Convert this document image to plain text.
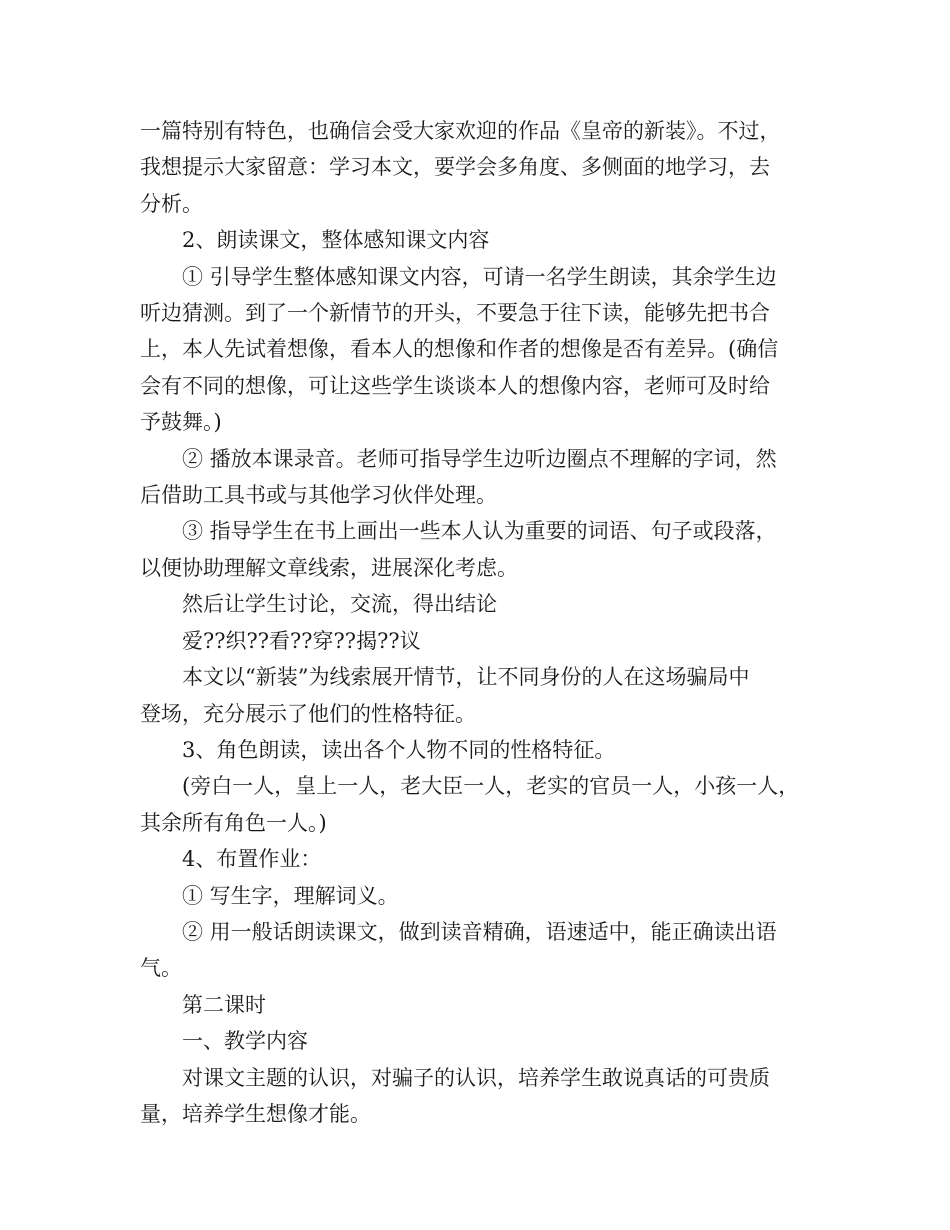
一篇特别有特色，也确信会受大家欢迎的作品《皇帝的新装》。不过，

我想提示大家留意：学习本文，要学会多角度、多侧面的地学习，去

分析。

2、朗读课文，整体感知课文内容

① 引导学生整体感知课文内容，可请一名学生朗读，其余学生边

听边猜测。到了一个新情节的开头，不要急于往下读，能够先把书合

上，本人先试着想像，看本人的想像和作者的想像是否有差异。(确信

会有不同的想像，可让这些学生谈谈本人的想像内容，老师可及时给

予鼓舞。)

② 播放本课录音。老师可指导学生边听边圈点不理解的字词，然

后借助工具书或与其他学习伙伴处理。

③ 指导学生在书上画出一些本人认为重要的词语、句子或段落，

以便协助理解文章线索，进展深化考虑。

然后让学生讨论，交流，得出结论

爱??织??看??穿??揭??议

本文以“新装”为线索展开情节，让不同身份的人在这场骗局中

登场，充分展示了他们的性格特征。

3、角色朗读，读出各个人物不同的性格特征。

(旁白一人，皇上一人，老大臣一人，老实的官员一人，小孩一人，

其余所有角色一人。)

4、布置作业：

① 写生字，理解词义。

② 用一般话朗读课文，做到读音精确，语速适中，能正确读出语

气。

第二课时

一、教学内容

对课文主题的认识，对骗子的认识，培养学生敢说真话的可贵质

量，培养学生想像才能。
